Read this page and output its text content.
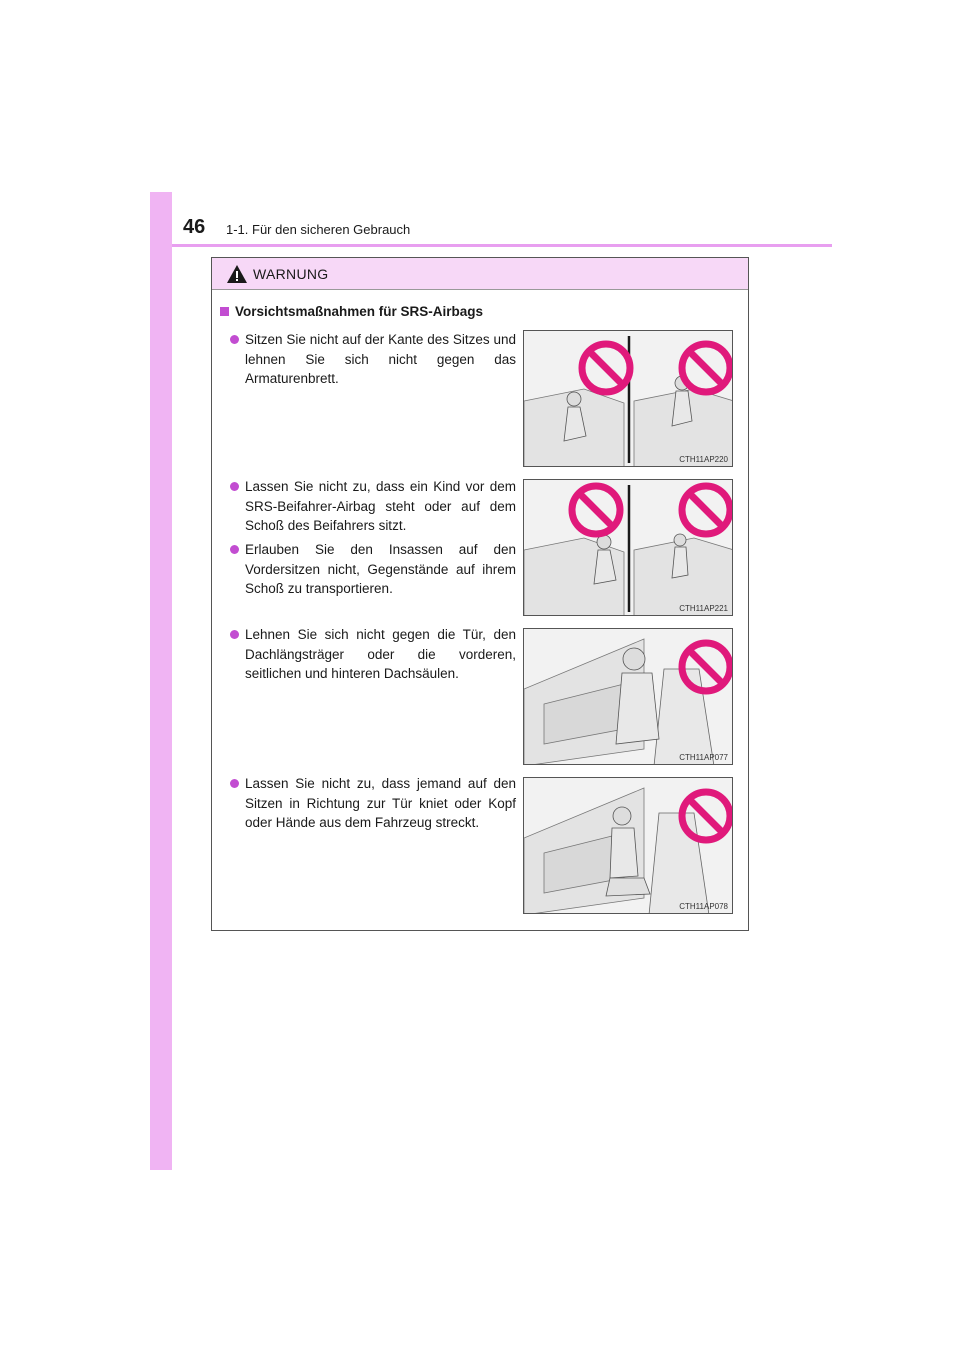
46 1-1. Für den sicheren Gebrauch
WARNUNG
Vorsichtsmaßnahmen für SRS-Airbags
Sitzen Sie nicht auf der Kante des Sitzes und lehnen Sie sich nicht gegen das Armaturenbrett.
Lassen Sie nicht zu, dass ein Kind vor dem SRS-Beifahrer-Airbag steht oder auf dem Schoß des Beifahrers sitzt.
Erlauben Sie den Insassen auf den Vordersitzen nicht, Gegenstände auf ihrem Schoß zu transportieren.
Lehnen Sie sich nicht gegen die Tür, den Dachlängsträger oder die vorderen, seitlichen und hinteren Dachsäulen.
Lassen Sie nicht zu, dass jemand auf den Sitzen in Richtung zur Tür kniet oder Kopf oder Hände aus dem Fahrzeug streckt.
CTH11AP220
CTH11AP221
CTH11AP077
CTH11AP078
